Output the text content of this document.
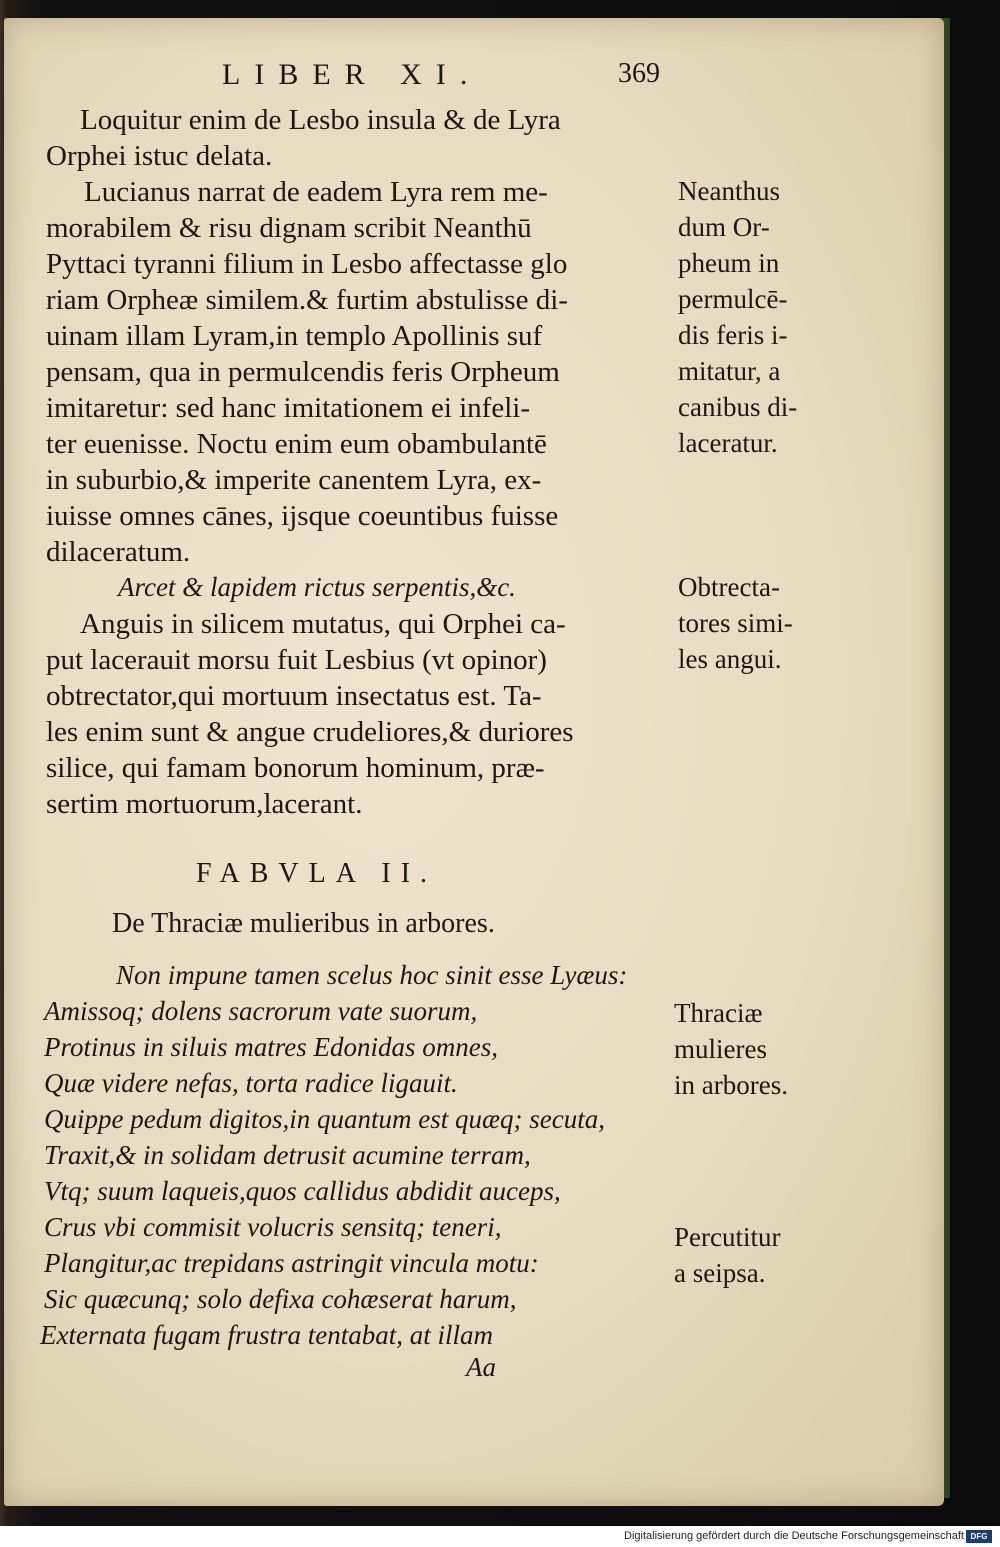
LIBER XI.	369
Loquitur enim de Lesbo insula & de Lyra
Orphei istuc delata.
Lucianus narrat de eadem Lyra rem me-
morabilem & risu dignam scribit Neanthū
Pyttaci tyranni filium in Lesbo affectasse glo
riam Orpheæ similem.& furtim abstulisse di-
uinam illam Lyram,in templo Apollinis suf
pensam, qua in permulcendis feris Orpheum
imitaretur: sed hanc imitationem ei infeli-
ter euenisse. Noctu enim eum obambulantē
in suburbio,& imperite canentem Lyra, ex-
iuisse omnes cānes, ijsque coeuntibus fuisse
dilaceratum.
Arcet & lapidem rictus serpentis,&c.
Anguis in silicem mutatus, qui Orphei ca-
put lacerauit morsu fuit Lesbius (vt opinor)
obtrectator,qui mortuum insectatus est. Ta-
les enim sunt & angue crudeliores,& duriores
silice, qui famam bonorum hominum, præ-
sertim mortuorum,lacerant.
FABVLA II.
De Thraciæ mulieribus in arbores.
Non impune tamen scelus hoc sinit esse Lyæus:
Amissoq; dolens sacrorum vate suorum,
Protinus in siluis matres Edonidas omnes,
Quæ videre nefas, torta radice ligauit.
Quippe pedum digitos,in quantum est quæq; secuta,
Traxit,& in solidam detrusit acumine terram,
Vtq; suum laqueis,quos callidus abdidit auceps,
Crus vbi commisit volucris sensitq; teneri,
Plangitur,ac trepidans astringit vincula motu:
Sic quæcunq; solo defixa cohæserat harum,
Externata fugam frustra tentabat, at illam
Aa
Neanthus
dum Or-
pheum in
permulcē-
dis feris i-
mitatur, a
canibus di-
laceratur.
Obtrecta-
tores simi-
les angui.
Thraciæ
mulieres
in arbores.
Percutitur
a seipsa.
Digitalisierung gefördert durch die Deutsche Forschungsgemeinschaft DFG
